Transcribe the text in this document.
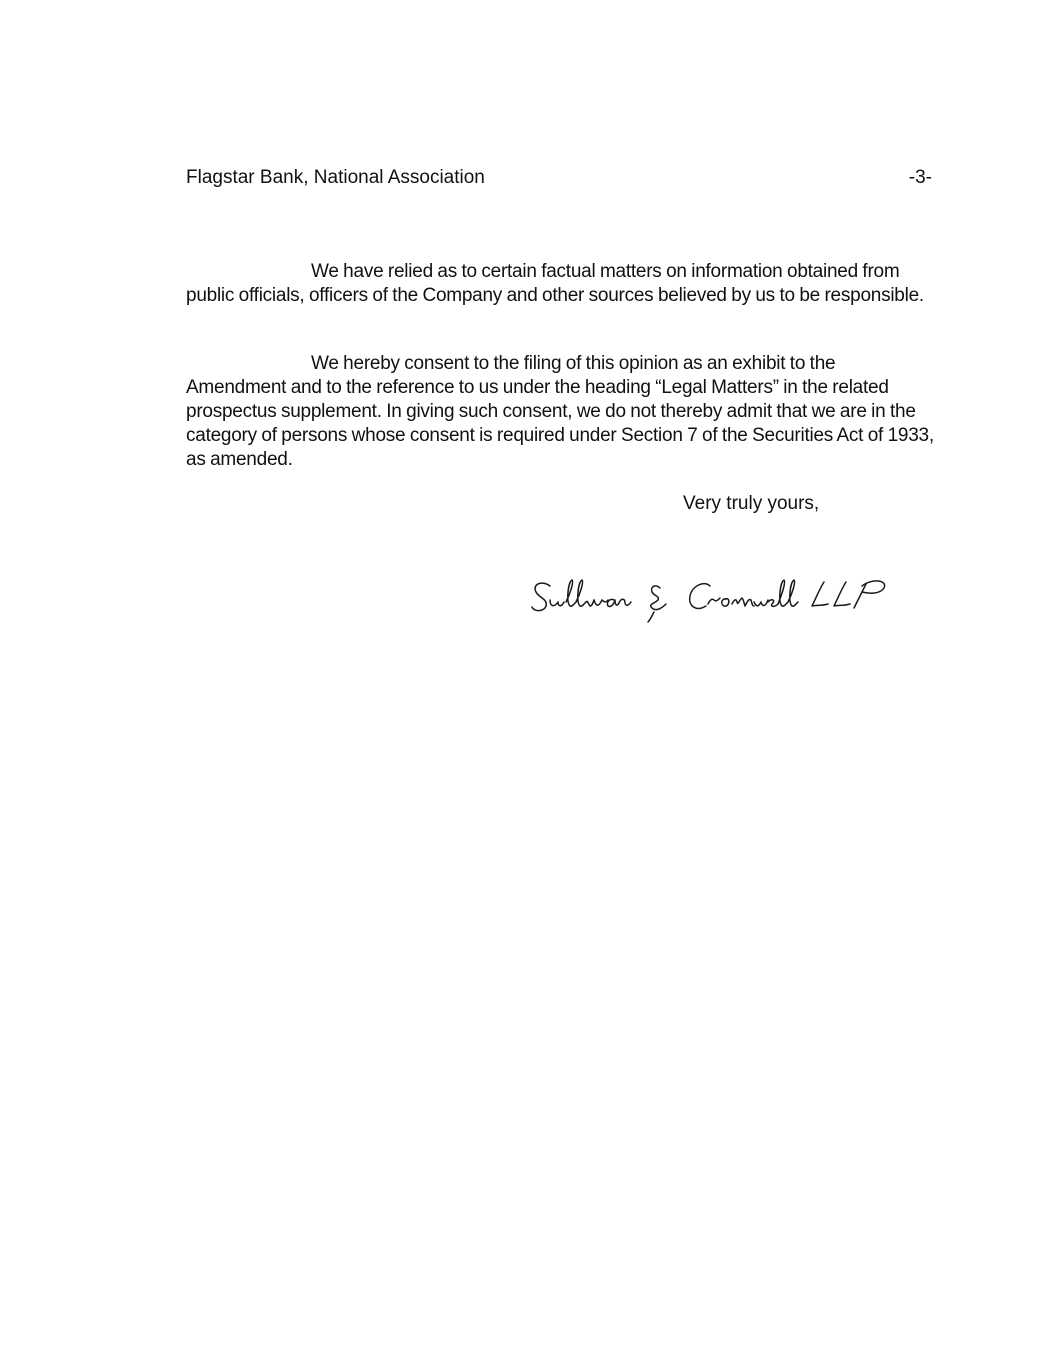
Flagstar Bank, National Association	-3-

We have relied as to certain factual matters on information obtained from public officials, officers of the Company and other sources believed by us to be responsible.

We hereby consent to the filing of this opinion as an exhibit to the Amendment and to the reference to us under the heading “Legal Matters” in the related prospectus supplement. In giving such consent, we do not thereby admit that we are in the category of persons whose consent is required under Section 7 of the Securities Act of 1933, as amended.

Very truly yours,
